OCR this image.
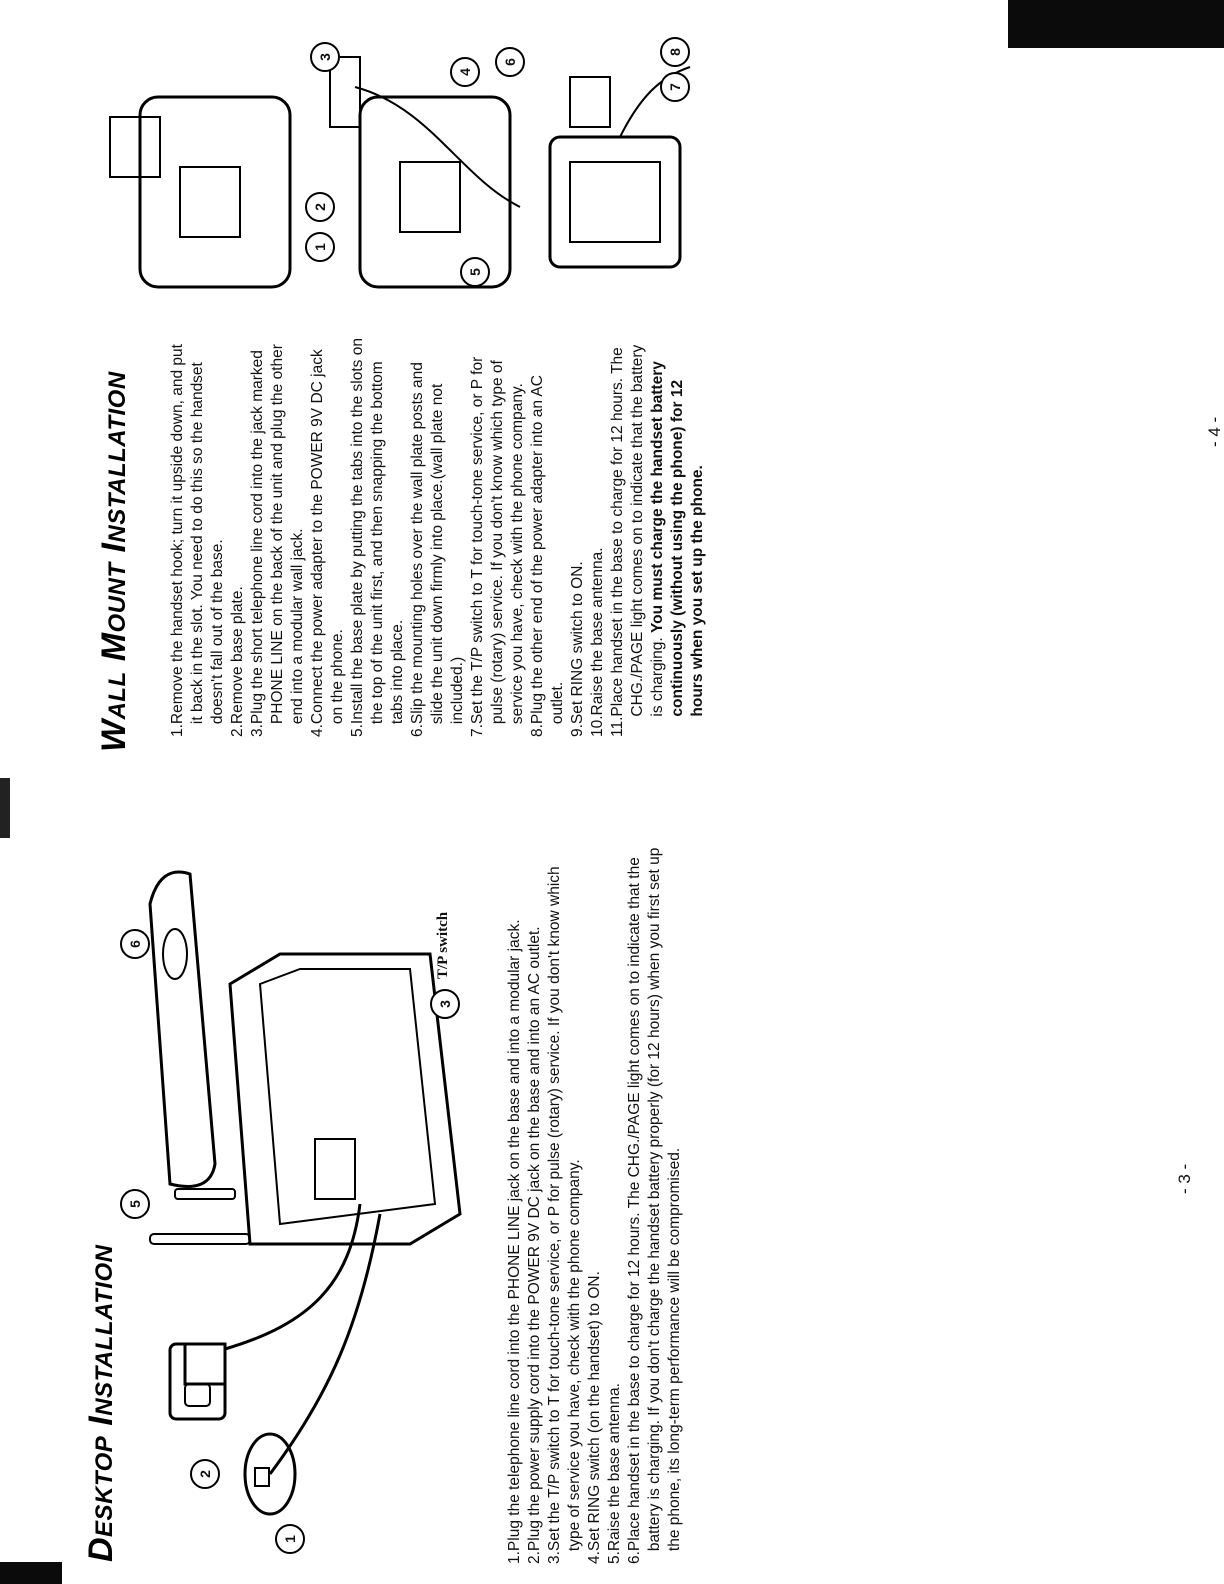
Desktop Installation	1
2
5
6
3
T/P switch
1.
Plug the telephone line cord into the PHONE LINE jack on the base and into a modular jack.
2.
Plug the power supply cord into the POWER 9V DC jack on the base and into an AC outlet.
3.
Set the T/P switch to T for touch-tone service, or P for pulse (rotary) service. If you don't know which type of service you have, check with the phone company.
4.
Set RING switch (on the handset) to ON.
5.
Raise the base antenna.
6.
Place handset in the base to charge for 12 hours. The CHG./PAGE light comes on to indicate that the battery is charging. If you don't charge the handset battery properly (for 12 hours) when you first set up the phone, its long-term performance will be compromised.	- 3 -
Wall Mount Installation 1.
Remove the handset hook; turn it upside down, and put it back in the slot. You need to do this so the handset doesn't fall out of the base.
2.
Remove base plate.
3.
Plug the short telephone line cord into the jack marked PHONE LINE on the back of the unit and plug the other end into a modular wall jack.
4.
Connect the power adapter to the POWER 9V DC jack on the phone.
5.
Install the base plate by putting the tabs into the slots on the top of the unit first, and then snapping the bottom tabs into place.
6.
Slip the mounting holes over the wall plate posts and slide the unit down firmly into place.(wall plate not included.)
7.
Set the T/P switch to T for touch-tone service, or P for pulse (rotary) service. If you don't know which type of service you have, check with the phone company.
8.
Plug the other end of the power adapter into an AC outlet.
9.
Set RING switch to ON.
10.
Raise the base antenna.
11.
Place handset in the base to charge for 12 hours. The CHG./PAGE light comes on to indicate that the battery is charging. You must charge the handset battery continuously (without using the phone) for 12 hours when you set up the phone.
1
2
3
4
5
6
7
8
- 4 -
